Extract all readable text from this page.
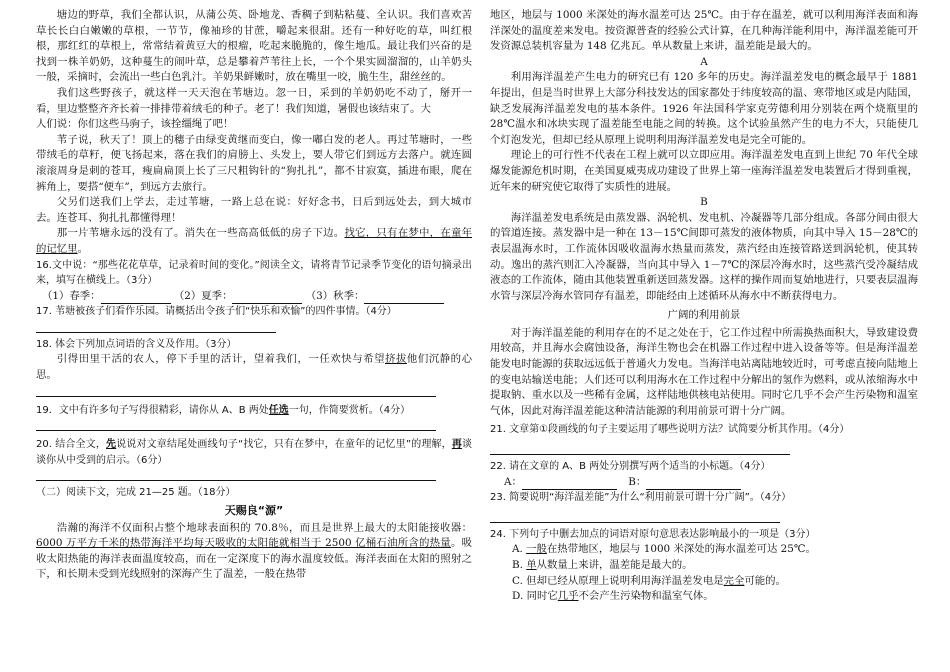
塘边的野草，我们全都认识，从蒲公英、卧地龙、香稠子到粘粘蔓、全认识。我们喜欢苦草长长白白嫩嫩的草根，一节节，像袖珍的甘蔗，嚼起来很甜。还有一种好吃的草，叫红根根，那红红的草根上，常常结着黄豆大的根瘤，吃起来脆脆的，像生地瓜。最让我们兴奋的是找到一株羊奶奶，这种蔓生的闹叶草，总是攀着芦苇往上长，一个个果实圆溜溜的，山羊奶头一般，采摘时，会流出一些白色乳汁。羊奶果鲜嫩时，放在嘴里一咬，脆生生，甜丝丝的。

我们这些野孩子，就这样一天天泡在苇塘边。忽一日，采到的羊奶奶吃不动了，掰开一看，里边整整齐齐长着一排排带着绒毛的种子。老了！我们知道，暑假也该结束了。大

人们说：你们这些马驹子，该拴缰绳了吧！

苇子说，秋天了！顶上的穗子由绿变黄继而变白，像一嘟白发的老人。再过苇塘时，一些带绒毛的草籽，便飞扬起来，落在我们的肩膀上、头发上，要人带它们到远方去落户。就连圆滚滚周身是刺的苍耳，瘦扁扁顶上长了三尺粗钩针的“狗扎扎”，都不甘寂寞，插进布眼，爬在裤角上，要搭“便车”，到远方去旅行。

父另们送我们上学去，走过苇塘，一路上总在说：好好念书，日后到远处去，到大城市去。连苍耳、狗扎扎都懂得理！

那一片苇塘永远的没有了。消失在一些高高低低的房子下边。找它，只有在梦中，在童年的记忆里。

16.文中说：“那些花花草草，记录着时间的变化。”阅读全文，请将青节记录季节变化的语句摘录出来，填写在横线上。（3分）

（1）春季：	（2）夏季：	（3）秋季：

17. 苇塘被孩子们看作乐园。请概括出令孩子们“快乐和欢愉”的四件事情。（4分）

18. 体会下列加点词语的含义及作用。（3分）

引得田里干活的农人，停下手里的活计，望着我们，一任欢快与希望挤拔他们沉静的心思。

19．文中有许多句子写得很精彩，请你从 A、B 两处任选一句，作简要赏析。（4分）

20. 结合全文，先说说对文章结尾处画线句子“找它，只有在梦中，在童年的记忆里”的理解，再谈谈你从中受到的启示。（6分）

（二）阅读下文，完成 21—25 题。（18分）

天赐良“源”

浩瀚的海洋不仅面积占整个地球表面积的 70.8％，而且是世界上最大的太阳能接收器：6000 万平方千米的热带海洋平均每天吸收的太阳能就相当于 2500 亿桶石油所含的热量。吸收太阳热能的海洋表面温度较高，而在一定深度下的海水温度较低。海洋表面在太阳的照射之下，和长期未受到光线照射的深海产生了温差，一般在热带

地区，地层与 1000 米深处的海水温差可达 25℃。由于存在温差，就可以利用海洋表面和海洋深处的温度差来发电。按资源普查的经验公式计算，在几种海洋能利用中，海洋温差能可开发资源总装机容量为 148 亿兆瓦。单从数量上来讲，温差能是最大的。

A

利用海洋温差产生电力的研究已有 120 多年的历史。海洋温差发电的概念最早于 1881 年提出，但是当时世界上大部分科技发达的国家都处于纬度较高的温、寒带地区或是内陆国，缺乏发展海洋温差发电的基本条件。1926 年法国科学家克劳德利用分别装在两个烧瓶里的 28℃温水和冰块实现了温差能至电能之间的转换。这个试验虽然产生的电力不大，只能使几个灯泡发光，但却已经从原理上说明利用海洋温差发电是完全可能的。

理论上的可行性不代表在工程上就可以立即应用。海洋温差发电直到上世纪 70 年代全球爆发能源危机时期，在美国夏威夷成功建设了世界上第一座海洋温差发电装置后才得到重视，近年来的研究使它取得了实质性的进展。

B

海洋温差发电系统是由蒸发器、涡轮机、发电机、冷凝器等几部分组成。各部分间由很大的管道连接。蒸发器中是一种在 13－15℃间即可蒸发的液体物质，向其中导入 15－28℃的表层温海水时，工作流体因吸收温海水热量而蒸发，蒸汽经由连接管路送到涡轮机，使其转动。逸出的蒸汽则汇入冷凝器，当向其中导入 1－7℃的深层冷海水时，这些蒸汽受冷凝结成液态的工作流体，随由其他装置重新送回蒸发器。这样的操作周而复始地进行，只要表层温海水管与深层冷海水管同存有温差，即能经由上述循环从海水中不断获得电力。

广阔的利用前景

对于海洋温差能的利用存在的不足之处在于，它工作过程中所需换热面积大，导致建设费用较高，并且海水会腐蚀设备，海洋生物也会在机器工作过程中进入设备等等。但是海洋温差能发电时能源的获取远远低于普通火力发电。当海洋电站离陆地较近时，可考虑直接向陆地上的变电站输送电能；人们还可以利用海水在工作过程中分解出的氢作为燃料，或从浓缩海水中提取钠、重水以及一些稀有金属，这样陆地供核电站使用。同时它几乎不会产生污染物和温室气体，因此对海洋温差能这种清洁能源的利用前景可谓十分广阔。

21. 文章第①段画线的句子主要运用了哪些说明方法？试简要分析其作用。（4分）

22. 请在文章的 A、B 两处分别撰写两个适当的小标题。（4分）

A：	B：

23. 简要说明“海洋温差能”为什么“利用前景可谓十分广阔”。（4分）

24. 下列句子中删去加点的词语对原句意思表达影响最小的一项是（3分）

A. 一般在热带地区，地层与 1000 米深处的海水温差可达 25℃。

B. 单从数量上来讲，温差能是最大的。

C. 但却已经从原理上说明利用海洋温差发电是完全可能的。

D. 同时它几乎不会产生污染物和温室气体。
